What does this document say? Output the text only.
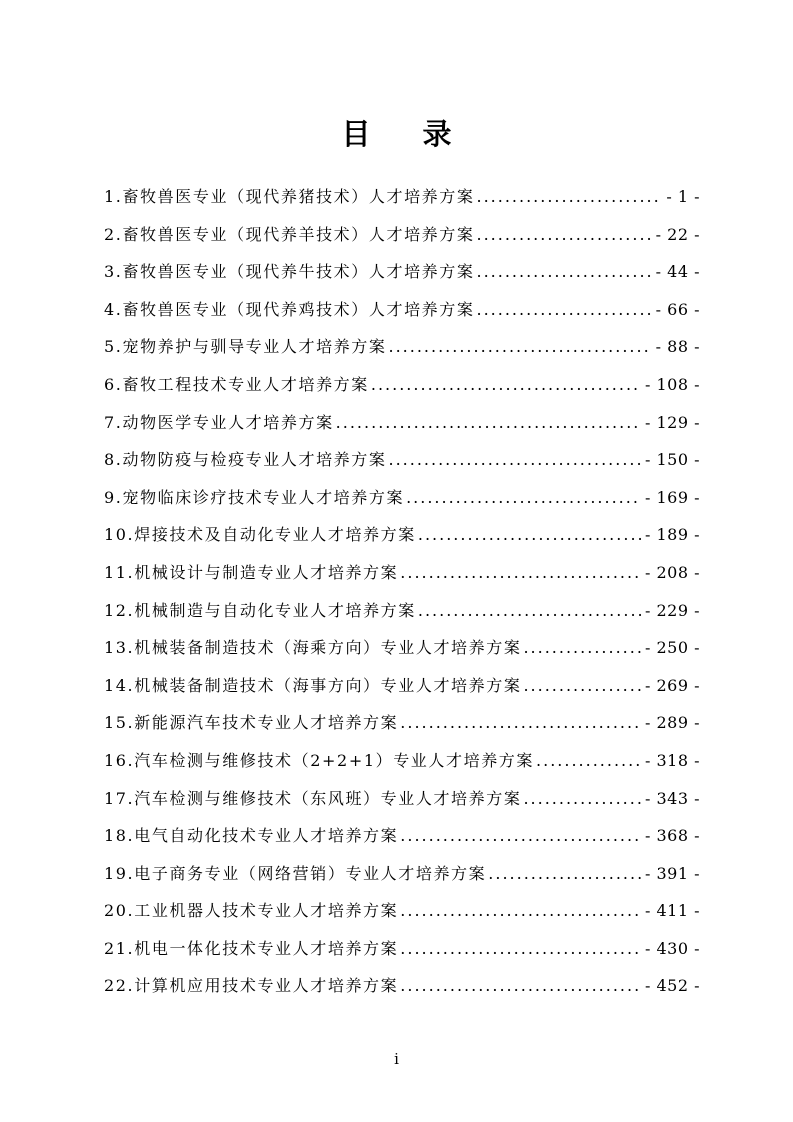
目 录
1. 畜牧兽医专业（现代养猪技术）人才培养方案 .....	- 1 -
2. 畜牧兽医专业（现代养羊技术）人才培养方案 .....	- 22 -
3. 畜牧兽医专业（现代养牛技术）人才培养方案 .....	- 44 -
4. 畜牧兽医专业（现代养鸡技术）人才培养方案 .....	- 66 -
5. 宠物养护与驯导专业人才培养方案 .....	- 88 -
6. 畜牧工程技术专业人才培养方案 .....	- 108 -
7. 动物医学专业人才培养方案 .....	- 129 -
8. 动物防疫与检疫专业人才培养方案 .....	- 150 -
9. 宠物临床诊疗技术专业人才培养方案 .....	- 169 -
10. 焊接技术及自动化专业人才培养方案 .....	- 189 -
11. 机械设计与制造专业人才培养方案 .....	- 208 -
12. 机械制造与自动化专业人才培养方案 .....	- 229 -
13. 机械装备制造技术（海乘方向）专业人才培养方案 .....	- 250 -
14. 机械装备制造技术（海事方向）专业人才培养方案 .....	- 269 -
15. 新能源汽车技术专业人才培养方案 .....	- 289 -
16. 汽车检测与维修技术（2+2+1）专业人才培养方案 .....	- 318 -
17. 汽车检测与维修技术（东风班）专业人才培养方案 .....	- 343 -
18. 电气自动化技术专业人才培养方案 .....	- 368 -
19. 电子商务专业（网络营销）专业人才培养方案 .....	- 391 -
20. 工业机器人技术专业人才培养方案 .....	- 411 -
21. 机电一体化技术专业人才培养方案 .....	- 430 -
22. 计算机应用技术专业人才培养方案 .....	- 452 -
i
